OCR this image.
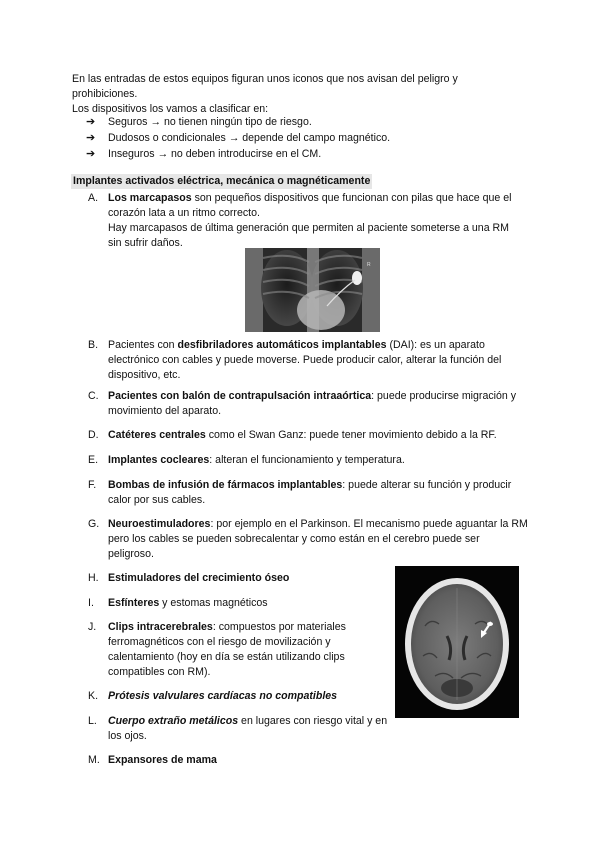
En las entradas de estos equipos figuran unos iconos que nos avisan del peligro y
prohibiciones.
Los dispositivos los vamos a clasificar en:
➔	Seguros → no tienen ningún tipo de riesgo.
➔	Dudosos o condicionales → depende del campo magnético.
➔	Inseguros → no deben introducirse en el CM.
Implantes activados eléctrica, mecánica o magnéticamente
A. Los marcapasos son pequeños dispositivos que funcionan con pilas que hace que el corazón lata a un ritmo correcto.
Hay marcapasos de última generación que permiten al paciente someterse a una RM sin sufrir daños.
R
B. Pacientes con desfibriladores automáticos implantables (DAI): es un aparato electrónico con cables y puede moverse. Puede producir calor, alterar la función del dispositivo, etc.
C. Pacientes con balón de contrapulsación intraaórtica: puede producirse migración y movimiento del aparato.
D. Catéteres centrales como el Swan Ganz: puede tener movimiento debido a la RF.
E. Implantes cocleares: alteran el funcionamiento y temperatura.
F.	Bombas de infusión de fármacos implantables: puede alterar su función y producir calor por sus cables.
G. Neuroestimuladores: por ejemplo en el Parkinson. El mecanismo puede aguantar la RM pero los cables se pueden sobrecalentar y como están en el cerebro puede ser peligroso.
H. Estimuladores del crecimiento óseo
I.	Esfínteres y estomas magnéticos
J.	Clips intracerebrales: compuestos por materiales ferromagnéticos con el riesgo de movilización y calentamiento (hoy en día se están utilizando clips compatibles con RM).
K. Prótesis valvulares cardíacas no compatibles
L.	Cuerpo extraño metálicos en lugares con riesgo vital y en los ojos.
M. Expansores de mama
